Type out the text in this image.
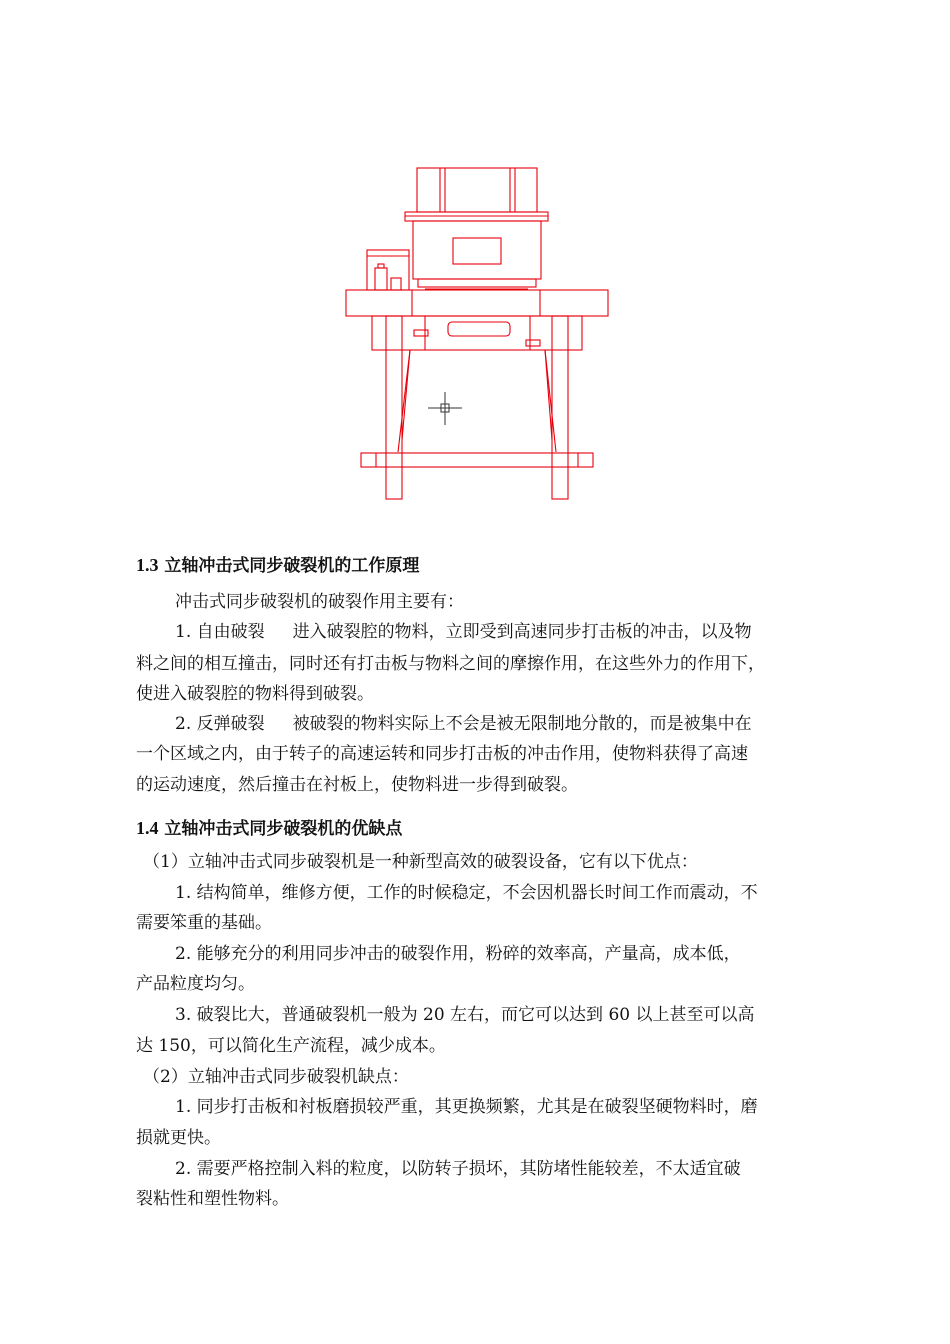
1.3 立轴冲击式同步破裂机的工作原理
冲击式同步破裂机的破裂作用主要有：
1. 自由破裂 进入破裂腔的物料，立即受到高速同步打击板的冲击，以及物
料之间的相互撞击，同时还有打击板与物料之间的摩擦作用，在这些外力的作用下，
使进入破裂腔的物料得到破裂。
2. 反弹破裂 被破裂的物料实际上不会是被无限制地分散的，而是被集中在
一个区域之内，由于转子的高速运转和同步打击板的冲击作用，使物料获得了高速
的运动速度，然后撞击在衬板上，使物料进一步得到破裂。
1.4 立轴冲击式同步破裂机的优缺点
（1）立轴冲击式同步破裂机是一种新型高效的破裂设备，它有以下优点：
1. 结构简单，维修方便，工作的时候稳定，不会因机器长时间工作而震动，不
需要笨重的基础。
2. 能够充分的利用同步冲击的破裂作用，粉碎的效率高，产量高，成本低，
产品粒度均匀。
3. 破裂比大，普通破裂机一般为 20 左右，而它可以达到 60 以上甚至可以高
达 150，可以简化生产流程，减少成本。
（2）立轴冲击式同步破裂机缺点：
1. 同步打击板和衬板磨损较严重，其更换频繁，尤其是在破裂坚硬物料时，磨
损就更快。
2. 需要严格控制入料的粒度，以防转子损坏，其防堵性能较差，不太适宜破
裂粘性和塑性物料。
